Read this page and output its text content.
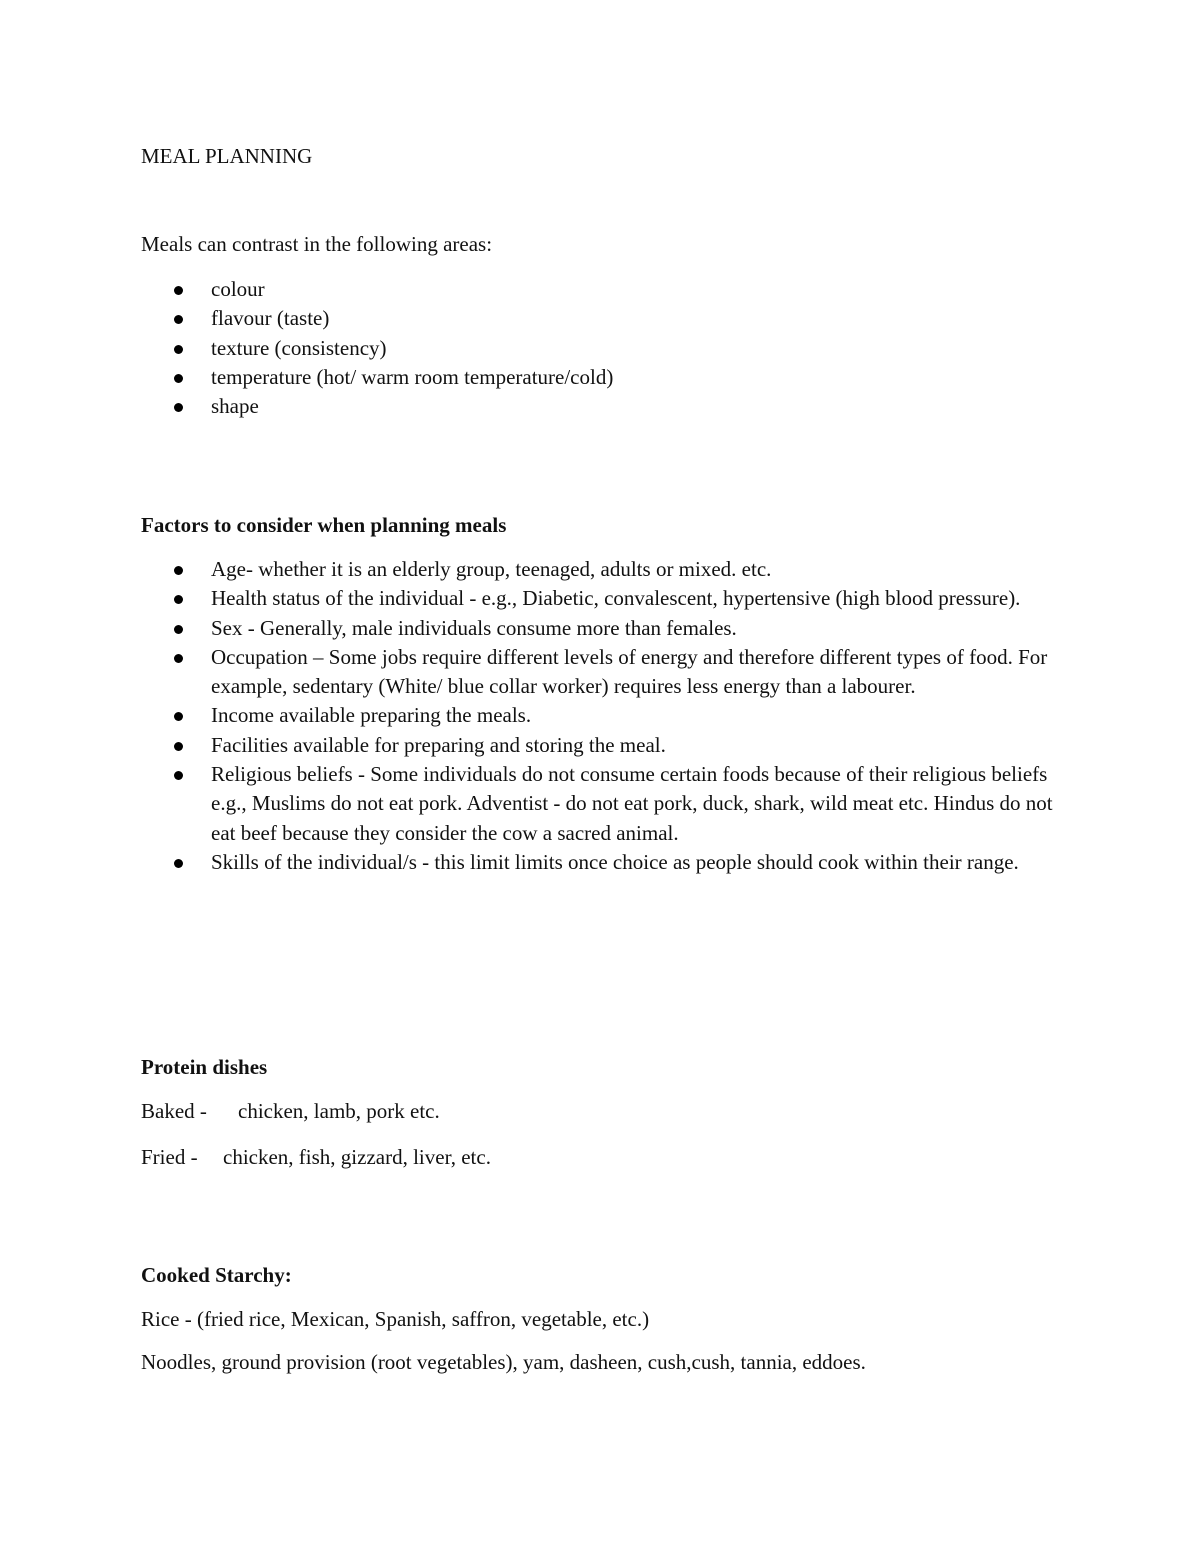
MEAL PLANNING

Meals can contrast in the following areas:

colour
flavour (taste)
texture (consistency)
temperature (hot/ warm room temperature/cold)
shape
Factors to consider when planning meals
Age- whether it is an elderly group, teenaged, adults or mixed. etc.
Health status of the individual - e.g., Diabetic, convalescent, hypertensive (high blood pressure).
Sex - Generally, male individuals consume more than females.
Occupation – Some jobs require different levels of energy and therefore different types of food. For example, sedentary (White/ blue collar worker) requires less energy than a labourer.
Income available preparing the meals.
Facilities available for preparing and storing the meal.
Religious beliefs - Some individuals do not consume certain foods because of their religious beliefs e.g., Muslims do not eat pork. Adventist - do not eat pork, duck, shark, wild meat etc. Hindus do not eat beef because they consider the cow a sacred animal.
Skills of the individual/s - this limit limits once choice as people should cook within their range.
Protein dishes

Baked - chicken, lamb, pork etc.

Fried - chicken, fish, gizzard, liver, etc.

Cooked Starchy:

Rice - (fried rice, Mexican, Spanish, saffron, vegetable, etc.)

Noodles, ground provision (root vegetables), yam, dasheen, cush,cush, tannia, eddoes.
